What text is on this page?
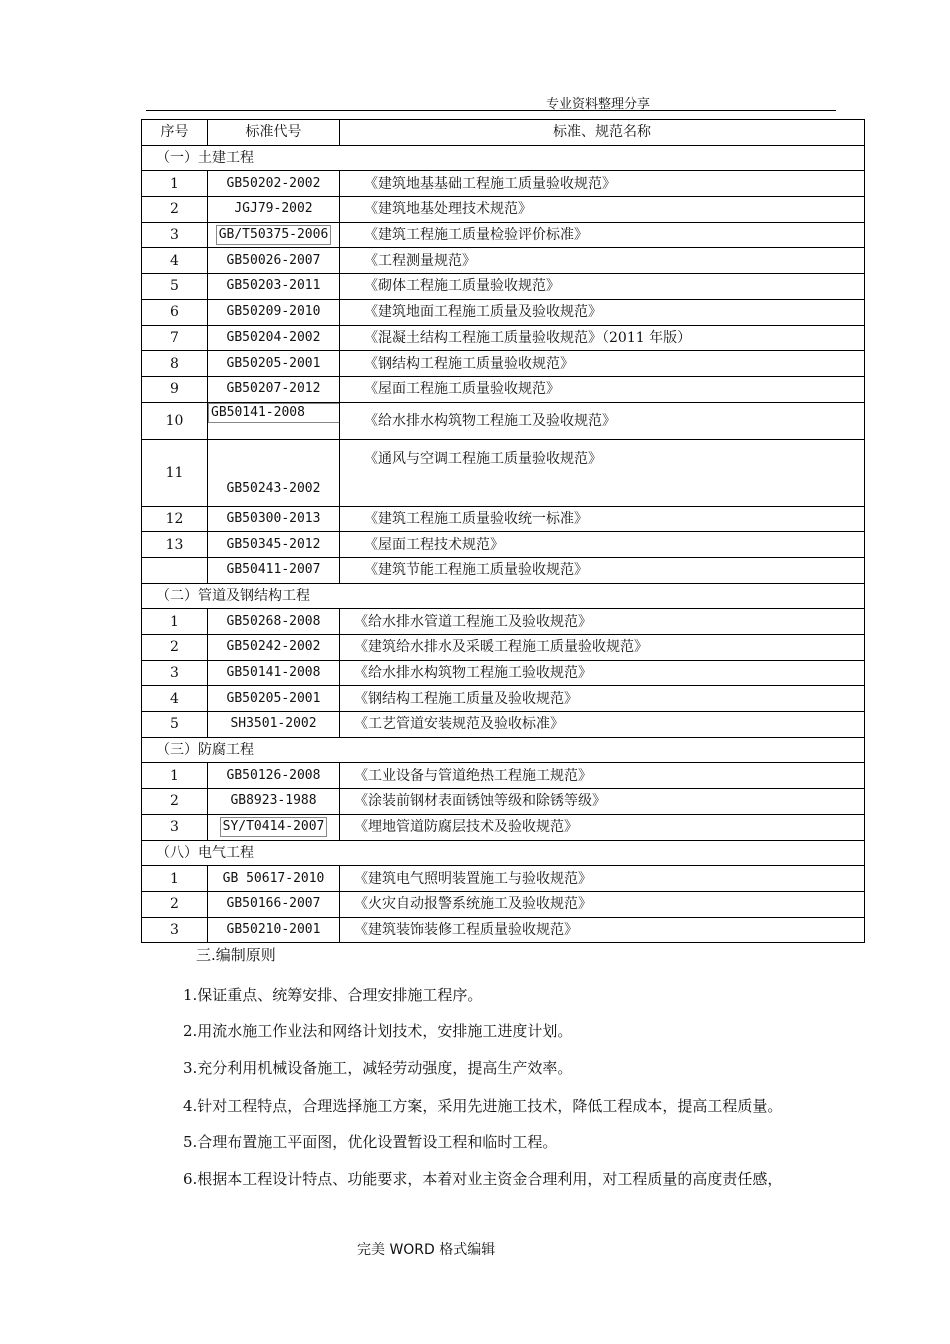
专业资料整理分享
序号	标准代号	标准、规范名称
（一）土建工程		
1	GB50202-2002	《建筑地基基础工程施工质量验收规范》
2	JGJ79-2002	《建筑地基处理技术规范》
3	GB/T50375-2006	《建筑工程施工质量检验评价标准》
4	GB50026-2007	《工程测量规范》
5	GB50203-2011	《砌体工程施工质量验收规范》
6	GB50209-2010	《建筑地面工程施工质量及验收规范》
7	GB50204-2002	《混凝土结构工程施工质量验收规范》（2011 年版）
8	GB50205-2001	《钢结构工程施工质量验收规范》
9	GB50207-2012	《屋面工程施工质量验收规范》
10	GB50141-2008	《给水排水构筑物工程施工及验收规范》
11	GB50243-2002	《通风与空调工程施工质量验收规范》
12	GB50300-2013	《建筑工程施工质量验收统一标准》
13	GB50345-2012	《屋面工程技术规范》
	GB50411-2007	《建筑节能工程施工质量验收规范》
（二）管道及钢结构工程		
1	GB50268-2008	《给水排水管道工程施工及验收规范》
2	GB50242-2002	《建筑给水排水及采暖工程施工质量验收规范》
3	GB50141-2008	《给水排水构筑物工程施工验收规范》
4	GB50205-2001	《钢结构工程施工质量及验收规范》
5	SH3501-2002	《工艺管道安装规范及验收标准》
（三）防腐工程		
1	GB50126-2008	《工业设备与管道绝热工程施工规范》
2	GB8923-1988	《涂装前钢材表面锈蚀等级和除锈等级》
3	SY/T0414-2007	《埋地管道防腐层技术及验收规范》
（八）电气工程		
1	GB 50617-2010	《建筑电气照明装置施工与验收规范》
2	GB50166-2007	《火灾自动报警系统施工及验收规范》
3	GB50210-2001	《建筑装饰装修工程质量验收规范》
三.编制原则
1.保证重点、统筹安排、合理安排施工程序。
2.用流水施工作业法和网络计划技术，安排施工进度计划。
3.充分利用机械设备施工，减轻劳动强度，提高生产效率。
4.针对工程特点，合理选择施工方案，采用先进施工技术，降低工程成本，提高工程质量。
5.合理布置施工平面图，优化设置暂设工程和临时工程。
6.根据本工程设计特点、功能要求，本着对业主资金合理利用，对工程质量的高度责任感，
完美 WORD 格式编辑
